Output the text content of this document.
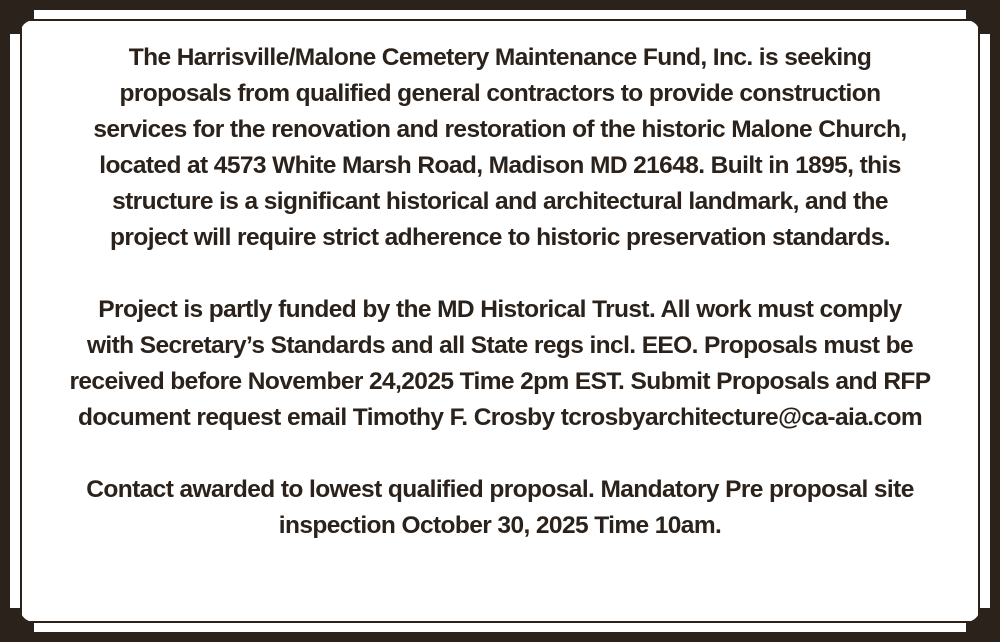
The Harrisville/Malone Cemetery Maintenance Fund, Inc. is seeking
proposals from qualified general contractors to provide construction
services for the renovation and restoration of the historic Malone Church,
located at 4573 White Marsh Road, Madison MD 21648. Built in 1895, this
structure is a significant historical and architectural landmark, and the
project will require strict adherence to historic preservation standards.

Project is partly funded by the MD Historical Trust. All work must comply
with Secretary’s Standards and all State regs incl. EEO. Proposals must be
received before November 24,2025 Time 2pm EST. Submit Proposals and RFP
document request email Timothy F. Crosby tcrosbyarchitecture@ca-aia.com

Contact awarded to lowest qualified proposal. Mandatory Pre proposal site
inspection October 30, 2025 Time 10am.
